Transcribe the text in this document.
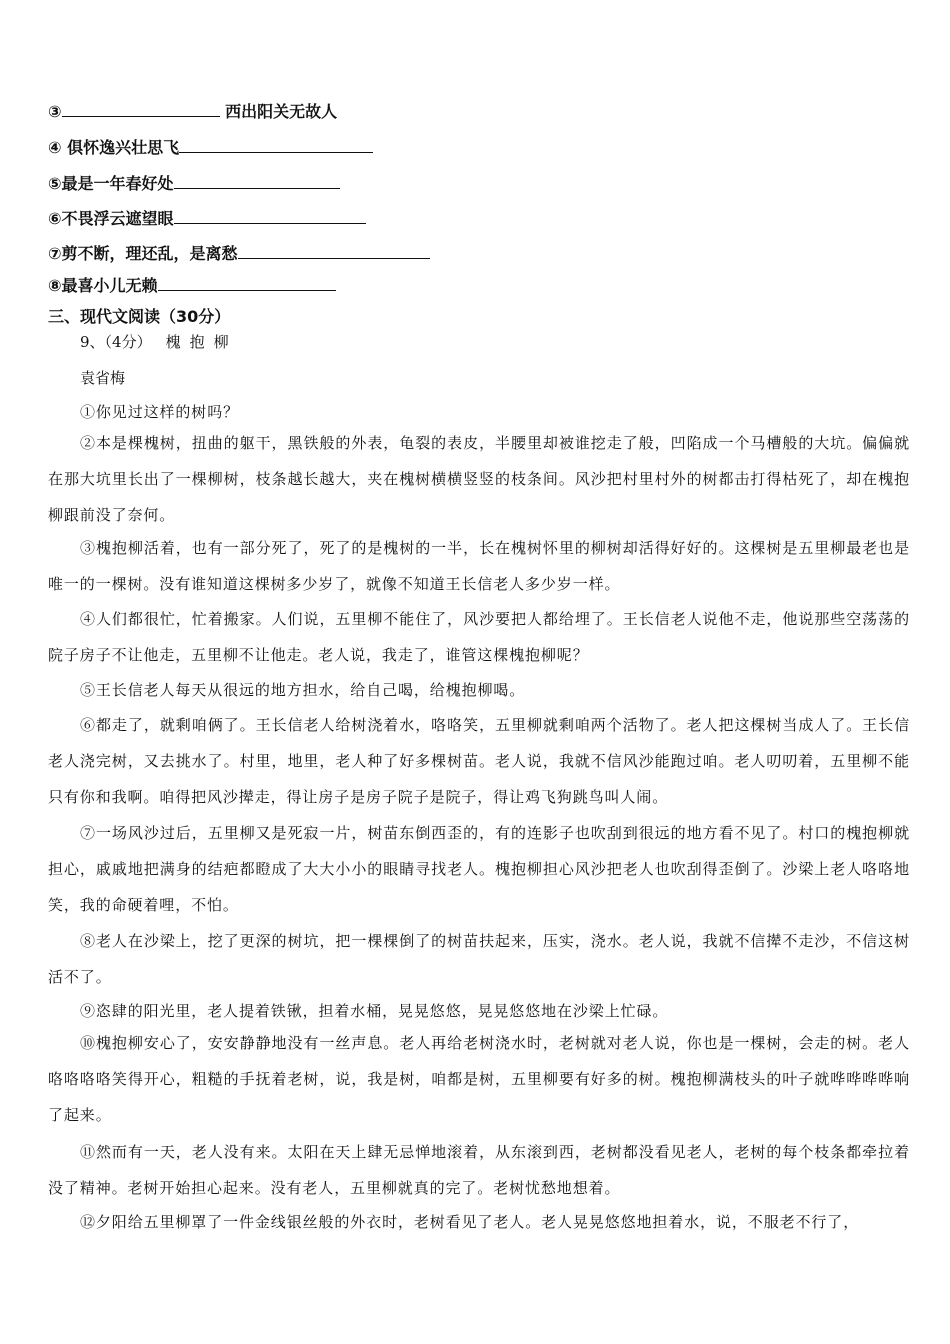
③	西出阳关无故人
④ 俱怀逸兴壮思飞
⑤最是一年春好处
⑥不畏浮云遮望眼
⑦剪不断，理还乱，是离愁
⑧最喜小儿无赖
三、现代文阅读（30分）
9、（4分） 槐抱柳
袁省梅
①你见过这样的树吗？
②本是棵槐树，扭曲的躯干，黑铁般的外表，龟裂的表皮，半腰里却被谁挖走了般，凹陷成一个马槽般的大坑。偏偏就在那大坑里长出了一棵柳树，枝条越长越大，夹在槐树横横竖竖的枝条间。风沙把村里村外的树都击打得枯死了，却在槐抱柳跟前没了奈何。
③槐抱柳活着，也有一部分死了，死了的是槐树的一半，长在槐树怀里的柳树却活得好好的。这棵树是五里柳最老也是唯一的一棵树。没有谁知道这棵树多少岁了，就像不知道王长信老人多少岁一样。
④人们都很忙，忙着搬家。人们说，五里柳不能住了，风沙要把人都给埋了。王长信老人说他不走，他说那些空荡荡的院子房子不让他走，五里柳不让他走。老人说，我走了，谁管这棵槐抱柳呢？
⑤王长信老人每天从很远的地方担水，给自己喝，给槐抱柳喝。
⑥都走了，就剩咱俩了。王长信老人给树浇着水，咯咯笑，五里柳就剩咱两个活物了。老人把这棵树当成人了。王长信老人浇完树，又去挑水了。村里，地里，老人种了好多棵树苗。老人说，我就不信风沙能跑过咱。老人叨叨着，五里柳不能只有你和我啊。咱得把风沙撵走，得让房子是房子院子是院子，得让鸡飞狗跳鸟叫人闹。
⑦一场风沙过后，五里柳又是死寂一片，树苗东倒西歪的，有的连影子也吹刮到很远的地方看不见了。村口的槐抱柳就担心，戚戚地把满身的结疤都瞪成了大大小小的眼睛寻找老人。槐抱柳担心风沙把老人也吹刮得歪倒了。沙梁上老人咯咯地笑，我的命硬着哩，不怕。
⑧老人在沙梁上，挖了更深的树坑，把一棵棵倒了的树苗扶起来，压实，浇水。老人说，我就不信撵不走沙，不信这树活不了。
⑨恣肆的阳光里，老人提着铁锹，担着水桶，晃晃悠悠，晃晃悠悠地在沙梁上忙碌。
⑩槐抱柳安心了，安安静静地没有一丝声息。老人再给老树浇水时，老树就对老人说，你也是一棵树，会走的树。老人咯咯咯咯笑得开心，粗糙的手抚着老树，说，我是树，咱都是树，五里柳要有好多的树。槐抱柳满枝头的叶子就哗哗哗哗响了起来。
⑪然而有一天，老人没有来。太阳在天上肆无忌惮地滚着，从东滚到西，老树都没看见老人，老树的每个枝条都牵拉着没了精神。老树开始担心起来。没有老人，五里柳就真的完了。老树忧愁地想着。
⑫夕阳给五里柳罩了一件金线银丝般的外衣时，老树看见了老人。老人晃晃悠悠地担着水，说，不服老不行了，
